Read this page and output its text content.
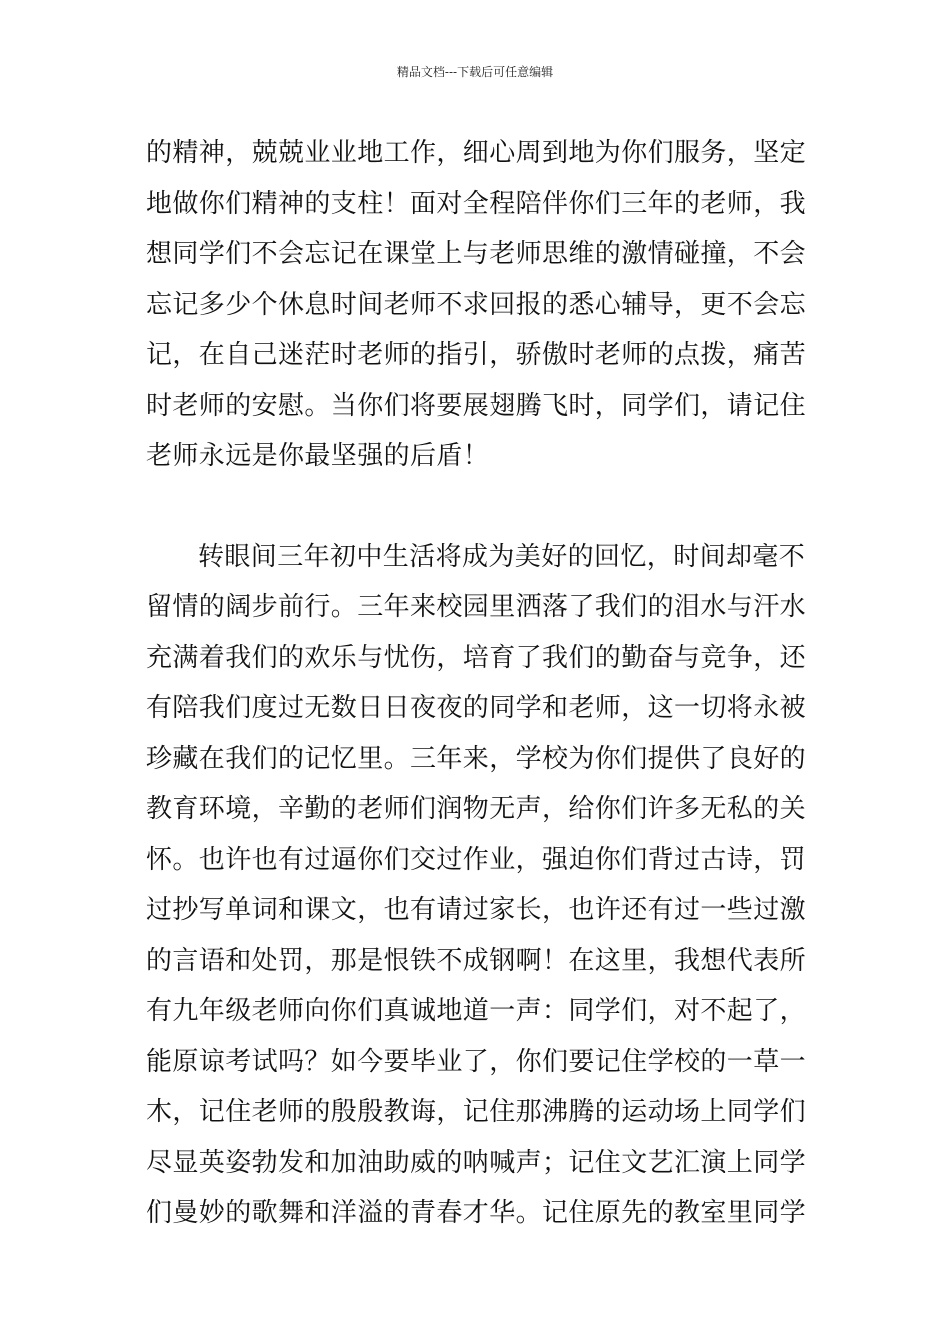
精品文档---下载后可任意编辑
的精神，兢兢业业地工作，细心周到地为你们服务，坚定
地做你们精神的支柱！面对全程陪伴你们三年的老师，我
想同学们不会忘记在课堂上与老师思维的激情碰撞，不会
忘记多少个休息时间老师不求回报的悉心辅导，更不会忘
记，在自己迷茫时老师的指引，骄傲时老师的点拨，痛苦
时老师的安慰。当你们将要展翅腾飞时，同学们，请记住
老师永远是你最坚强的后盾！
转眼间三年初中生活将成为美好的回忆，时间却毫不
留情的阔步前行。三年来校园里洒落了我们的泪水与汗水
充满着我们的欢乐与忧伤，培育了我们的勤奋与竞争，还
有陪我们度过无数日日夜夜的同学和老师，这一切将永被
珍藏在我们的记忆里。三年来，学校为你们提供了良好的
教育环境，辛勤的老师们润物无声，给你们许多无私的关
怀。也许也有过逼你们交过作业，强迫你们背过古诗，罚
过抄写单词和课文，也有请过家长，也许还有过一些过激
的言语和处罚，那是恨铁不成钢啊！在这里，我想代表所
有九年级老师向你们真诚地道一声：同学们，对不起了，
能原谅考试吗？如今要毕业了，你们要记住学校的一草一
木，记住老师的殷殷教诲，记住那沸腾的运动场上同学们
尽显英姿勃发和加油助威的呐喊声；记住文艺汇演上同学
们曼妙的歌舞和洋溢的青春才华。记住原先的教室里同学
